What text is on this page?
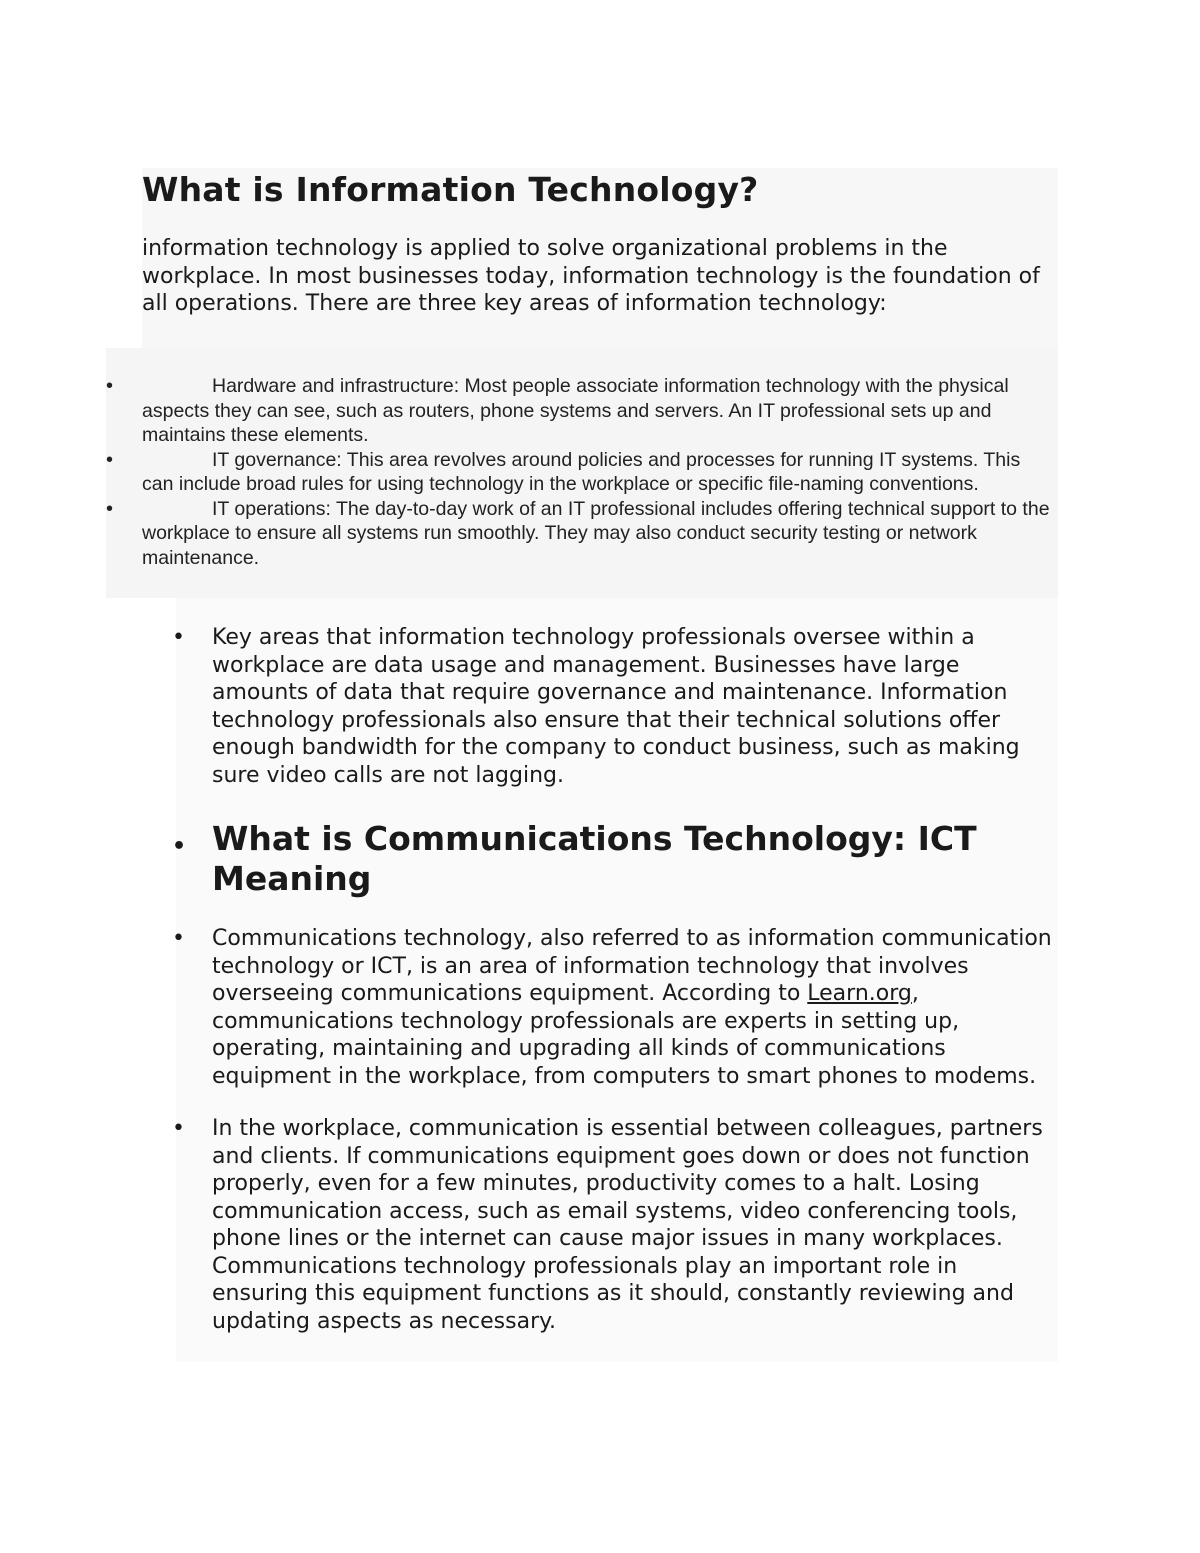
What is Information Technology?

information technology is applied to solve organizational problems in the workplace. In most businesses today, information technology is the foundation of all operations. There are three key areas of information technology:

•	Hardware and infrastructure: Most people associate information technology with the physical aspects they can see, such as routers, phone systems and servers. An IT professional sets up and maintains these elements.
•	IT governance: This area revolves around policies and processes for running IT systems. This can include broad rules for using technology in the workplace or specific file-naming conventions.
•	IT operations: The day-to-day work of an IT professional includes offering technical support to the workplace to ensure all systems run smoothly. They may also conduct security testing or network maintenance.
• Key areas that information technology professionals oversee within a workplace are data usage and management. Businesses have large amounts of data that require governance and maintenance. Information technology professionals also ensure that their technical solutions offer enough bandwidth for the company to conduct business, such as making sure video calls are not lagging.
• What is Communications Technology: ICT Meaning
• Communications technology, also referred to as information communication technology or ICT, is an area of information technology that involves overseeing communications equipment. According to Learn.org, communications technology professionals are experts in setting up, operating, maintaining and upgrading all kinds of communications equipment in the workplace, from computers to smart phones to modems.
• In the workplace, communication is essential between colleagues, partners and clients. If communications equipment goes down or does not function properly, even for a few minutes, productivity comes to a halt. Losing communication access, such as email systems, video conferencing tools, phone lines or the internet can cause major issues in many workplaces. Communications technology professionals play an important role in ensuring this equipment functions as it should, constantly reviewing and updating aspects as necessary.
